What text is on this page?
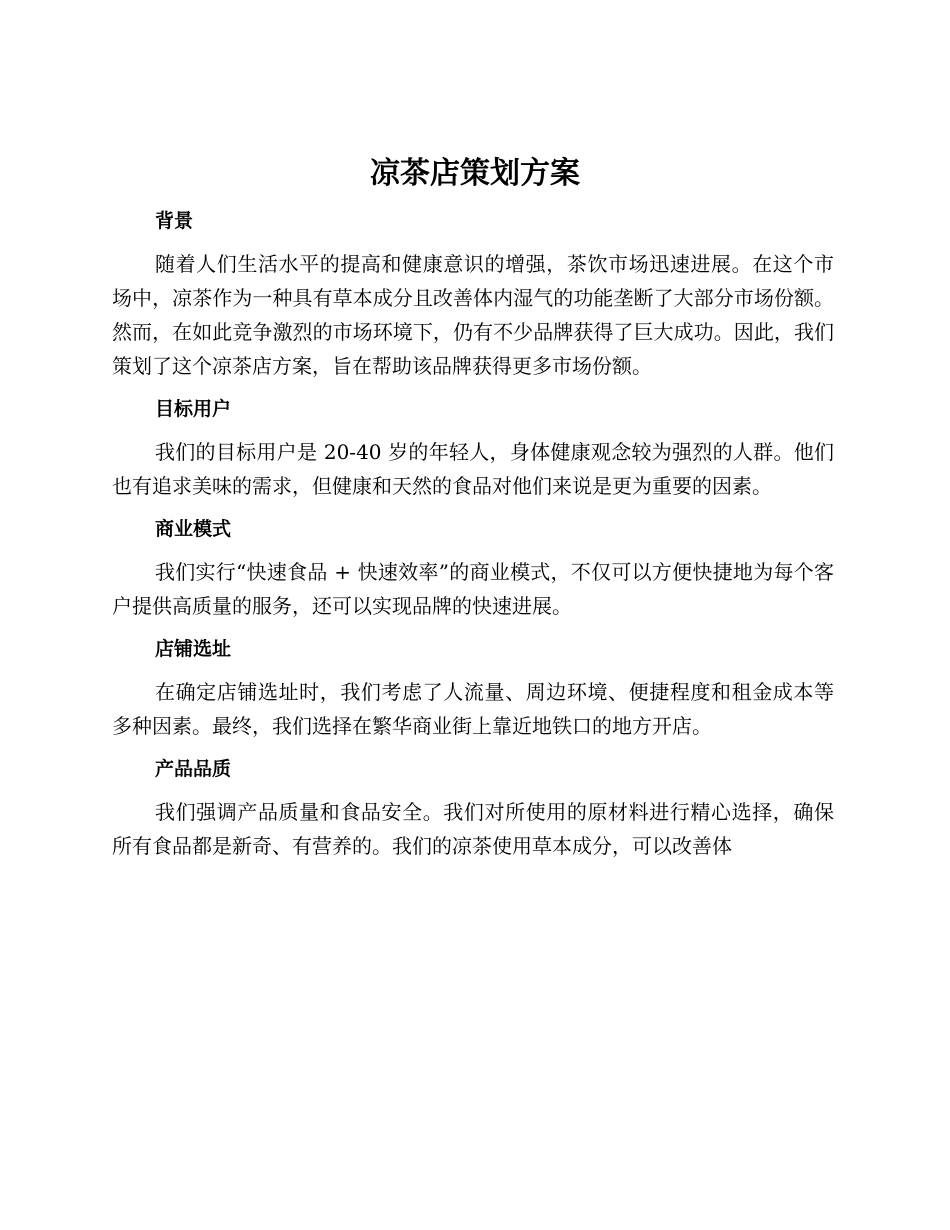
凉茶店策划方案
背景

随着人们生活水平的提高和健康意识的增强，茶饮市场迅速进展。在这个市场中，凉茶作为一种具有草本成分且改善体内湿气的功能垄断了大部分市场份额。然而，在如此竞争激烈的市场环境下，仍有不少品牌获得了巨大成功。因此，我们策划了这个凉茶店方案，旨在帮助该品牌获得更多市场份额。

目标用户

我们的目标用户是 20-40 岁的年轻人，身体健康观念较为强烈的人群。他们也有追求美味的需求，但健康和天然的食品对他们来说是更为重要的因素。

商业模式

我们实行“快速食品 + 快速效率”的商业模式，不仅可以方便快捷地为每个客户提供高质量的服务，还可以实现品牌的快速进展。

店铺选址

在确定店铺选址时，我们考虑了人流量、周边环境、便捷程度和租金成本等多种因素。最终，我们选择在繁华商业街上靠近地铁口的地方开店。

产品品质

我们强调产品质量和食品安全。我们对所使用的原材料进行精心选择，确保所有食品都是新奇、有营养的。我们的凉茶使用草本成分，可以改善体
